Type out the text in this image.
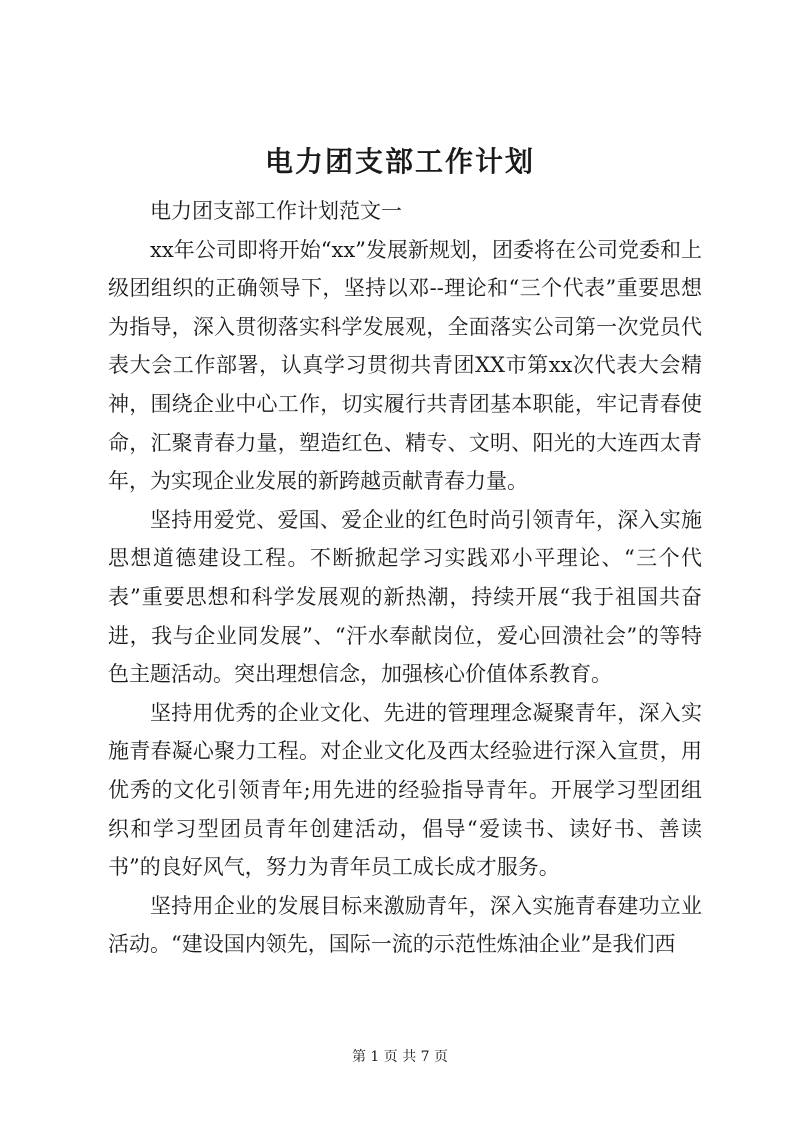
电力团支部工作计划

电力团支部工作计划范文一

xx年公司即将开始“xx”发展新规划，团委将在公司党委和上级团组织的正确领导下，坚持以邓--理论和“三个代表”重要思想为指导，深入贯彻落实科学发展观，全面落实公司第一次党员代表大会工作部署，认真学习贯彻共青团XX市第xx次代表大会精神，围绕企业中心工作，切实履行共青团基本职能，牢记青春使命，汇聚青春力量，塑造红色、精专、文明、阳光的大连西太青年，为实现企业发展的新跨越贡献青春力量。

坚持用爱党、爱国、爱企业的红色时尚引领青年，深入实施思想道德建设工程。不断掀起学习实践邓小平理论、“三个代表”重要思想和科学发展观的新热潮，持续开展“我于祖国共奋进，我与企业同发展”、“汗水奉献岗位，爱心回溃社会”的等特色主题活动。突出理想信念，加强核心价值体系教育。

坚持用优秀的企业文化、先进的管理理念凝聚青年，深入实施青春凝心聚力工程。对企业文化及西太经验进行深入宣贯，用优秀的文化引领青年;用先进的经验指导青年。开展学习型团组织和学习型团员青年创建活动，倡导“爱读书、读好书、善读书”的良好风气，努力为青年员工成长成才服务。

坚持用企业的发展目标来激励青年，深入实施青春建功立业活动。“建设国内领先，国际一流的示范性炼油企业”是我们西

第 1 页 共 7 页
